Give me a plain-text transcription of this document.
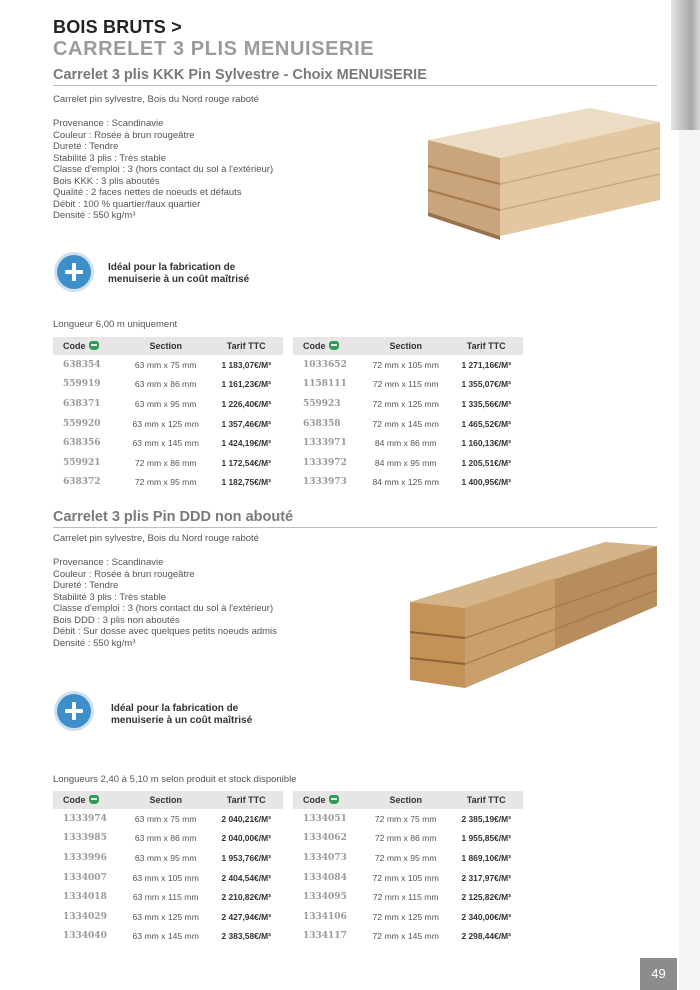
BOIS BRUTS >
CARRELET 3 PLIS MENUISERIE
Carrelet 3 plis KKK Pin Sylvestre - Choix MENUISERIE
Carrelet pin sylvestre, Bois du Nord rouge raboté
Provenance : Scandinavie
Couleur : Rosée à brun rougeâtre
Dureté : Tendre
Stabilité 3 plis : Très stable
Classe d'emploi : 3 (hors contact du sol à l'extérieur)
Bois KKK : 3 plis aboutés
Qualité : 2 faces nettes de noeuds et défauts
Débit : 100 % quartier/faux quartier
Densité : 550 kg/m³
Idéal pour la fabrication de
menuiserie à un coût maîtrisé
Longueur 6,00 m uniquement
Code	Section	Tarif TTC
638354	63 mm x 75 mm	1 183,07€/M³
559919	63 mm x 86 mm	1 161,23€/M³
638371	63 mm x 95 mm	1 226,40€/M³
559920	63 mm x 125 mm	1 357,46€/M³
638356	63 mm x 145 mm	1 424,19€/M³
559921	72 mm x 86 mm	1 172,54€/M³
638372	72 mm x 95 mm	1 182,75€/M³
Code	Section	Tarif TTC
1033652	72 mm x 105 mm	1 271,16€/M³
1158111	72 mm x 115 mm	1 355,07€/M³
559923	72 mm x 125 mm	1 335,56€/M³
638358	72 mm x 145 mm	1 465,52€/M³
1333971	84 mm x 86 mm	1 160,13€/M³
1333972	84 mm x 95 mm	1 205,51€/M³
1333973	84 mm x 125 mm	1 400,95€/M³
Carrelet 3 plis Pin DDD non abouté
Carrelet pin sylvestre, Bois du Nord rouge raboté
Provenance : Scandinavie
Couleur : Rosée à brun rougeâtre
Dureté : Tendre
Stabilité 3 plis : Très stable
Classe d'emploi : 3 (hors contact du sol à l'extérieur)
Bois DDD : 3 plis non aboutés
Débit : Sur dosse avec quelques petits noeuds admis
Densité : 550 kg/m³
Idéal pour la fabrication de
menuiserie à un coût maîtrisé
Longueurs 2,40 à 5,10 m selon produit et stock disponible
Code	Section	Tarif TTC
1333974	63 mm x 75 mm	2 040,21€/M³
1333985	63 mm x 86 mm	2 040,00€/M³
1333996	63 mm x 95 mm	1 953,76€/M³
1334007	63 mm x 105 mm	2 404,54€/M³
1334018	63 mm x 115 mm	2 210,82€/M³
1334029	63 mm x 125 mm	2 427,94€/M³
1334040	63 mm x 145 mm	2 383,58€/M³
Code	Section	Tarif TTC
1334051	72 mm x 75 mm	2 385,19€/M³
1334062	72 mm x 86 mm	1 955,85€/M³
1334073	72 mm x 95 mm	1 869,10€/M³
1334084	72 mm x 105 mm	2 317,97€/M³
1334095	72 mm x 115 mm	2 125,82€/M³
1334106	72 mm x 125 mm	2 340,00€/M³
1334117	72 mm x 145 mm	2 298,44€/M³
49
